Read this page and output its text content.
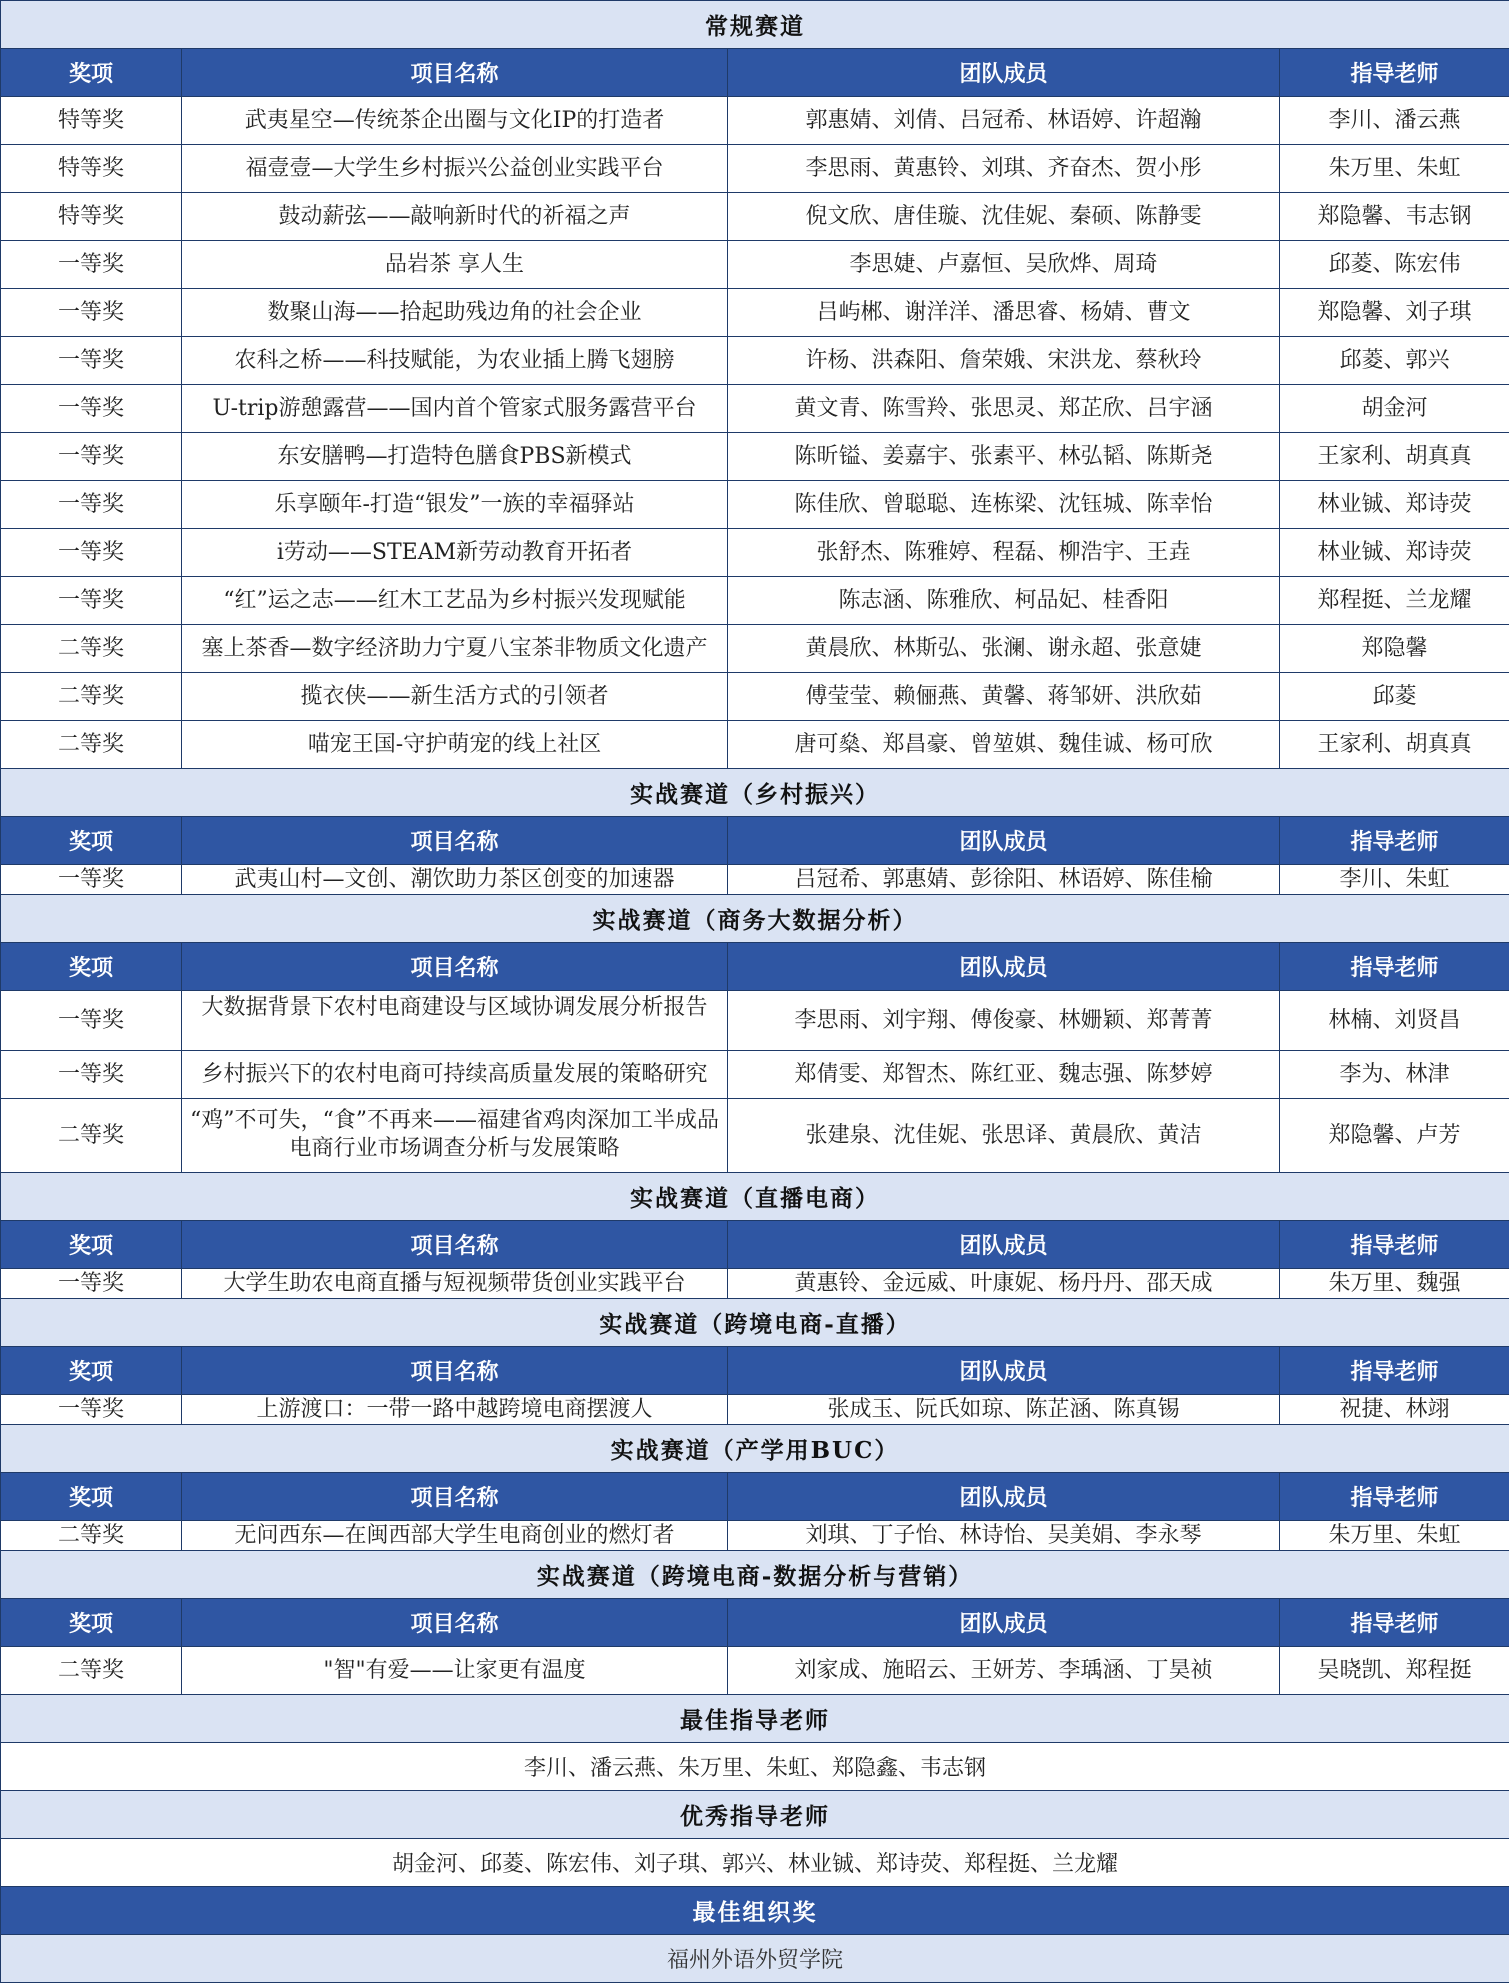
常规赛道			
奖项	项目名称	团队成员	指导老师
特等奖	武夷星空—传统茶企出圈与文化IP的打造者	郭惠婧、刘倩、吕冠希、林语婷、许超瀚	李川、潘云燕
特等奖	福壹壹—大学生乡村振兴公益创业实践平台	李思雨、黄惠铃、刘琪、齐奋杰、贺小彤	朱万里、朱虹
特等奖	鼓动薪弦——敲响新时代的祈福之声	倪文欣、唐佳璇、沈佳妮、秦硕、陈静雯	郑隐馨、韦志钢
一等奖	品岩茶 享人生	李思婕、卢嘉恒、吴欣烨、周琦	邱菱、陈宏伟
一等奖	数聚山海——拾起助残边角的社会企业	吕屿郴、谢洋洋、潘思睿、杨婧、曹文	郑隐馨、刘子琪
一等奖	农科之桥——科技赋能，为农业插上腾飞翅膀	许杨、洪森阳、詹荣娥、宋洪龙、蔡秋玲	邱菱、郭兴
一等奖	U-trip游憩露营——国内首个管家式服务露营平台	黄文青、陈雪羚、张思灵、郑芷欣、吕宇涵	胡金河
一等奖	东安膳鸭—打造特色膳食PBS新模式	陈昕镒、姜嘉宇、张素平、林弘韬、陈斯尧	王家利、胡真真
一等奖	乐享颐年-打造“银发”一族的幸福驿站	陈佳欣、曾聪聪、连栋梁、沈钰城、陈幸怡	林业铖、郑诗荧
一等奖	i劳动——STEAM新劳动教育开拓者	张舒杰、陈雅婷、程磊、柳浩宇、王垚	林业铖、郑诗荧
一等奖	“红”运之志——红木工艺品为乡村振兴发现赋能	陈志涵、陈雅欣、柯品妃、桂香阳	郑程挺、兰龙耀
二等奖	塞上茶香—数字经济助力宁夏八宝茶非物质文化遗产	黄晨欣、林斯弘、张澜、谢永超、张意婕	郑隐馨
二等奖	揽衣侠——新生活方式的引领者	傅莹莹、赖俪燕、黄馨、蒋邹妍、洪欣茹	邱菱
二等奖	喵宠王国-守护萌宠的线上社区	唐可燊、郑昌豪、曾堃娸、魏佳诚、杨可欣	王家利、胡真真
实战赛道（乡村振兴）			
奖项	项目名称	团队成员	指导老师
一等奖	武夷山村—文创、潮饮助力茶区创变的加速器	吕冠希、郭惠婧、彭徐阳、林语婷、陈佳榆	李川、朱虹
实战赛道（商务大数据分析）			
奖项	项目名称	团队成员	指导老师
一等奖	大数据背景下农村电商建设与区域协调发展分析报告	李思雨、刘宇翔、傅俊豪、林姗颖、郑菁菁	林楠、刘贤昌
一等奖	乡村振兴下的农村电商可持续高质量发展的策略研究	郑倩雯、郑智杰、陈红亚、魏志强、陈梦婷	李为、林津
二等奖	“鸡”不可失，“食”不再来——福建省鸡肉深加工半成品电商行业市场调查分析与发展策略	张建泉、沈佳妮、张思译、黄晨欣、黄洁	郑隐馨、卢芳
实战赛道（直播电商）			
奖项	项目名称	团队成员	指导老师
一等奖	大学生助农电商直播与短视频带货创业实践平台	黄惠铃、金远威、叶康妮、杨丹丹、邵天成	朱万里、魏强
实战赛道（跨境电商-直播）			
奖项	项目名称	团队成员	指导老师
一等奖	上游渡口：一带一路中越跨境电商摆渡人	张成玉、阮氏如琼、陈芷涵、陈真锡	祝捷、林翊
实战赛道（产学用BUC）			
奖项	项目名称	团队成员	指导老师
二等奖	无问西东—在闽西部大学生电商创业的燃灯者	刘琪、丁子怡、林诗怡、吴美娟、李永琴	朱万里、朱虹
实战赛道（跨境电商-数据分析与营销）			
奖项	项目名称	团队成员	指导老师
二等奖	"智"有爱——让家更有温度	刘家成、施昭云、王妍芳、李瑀涵、丁昊祯	吴晓凯、郑程挺
最佳指导老师			
李川、潘云燕、朱万里、朱虹、郑隐鑫、韦志钢			
优秀指导老师			
胡金河、邱菱、陈宏伟、刘子琪、郭兴、林业铖、郑诗荧、郑程挺、兰龙耀			
最佳组织奖			
福州外语外贸学院			
